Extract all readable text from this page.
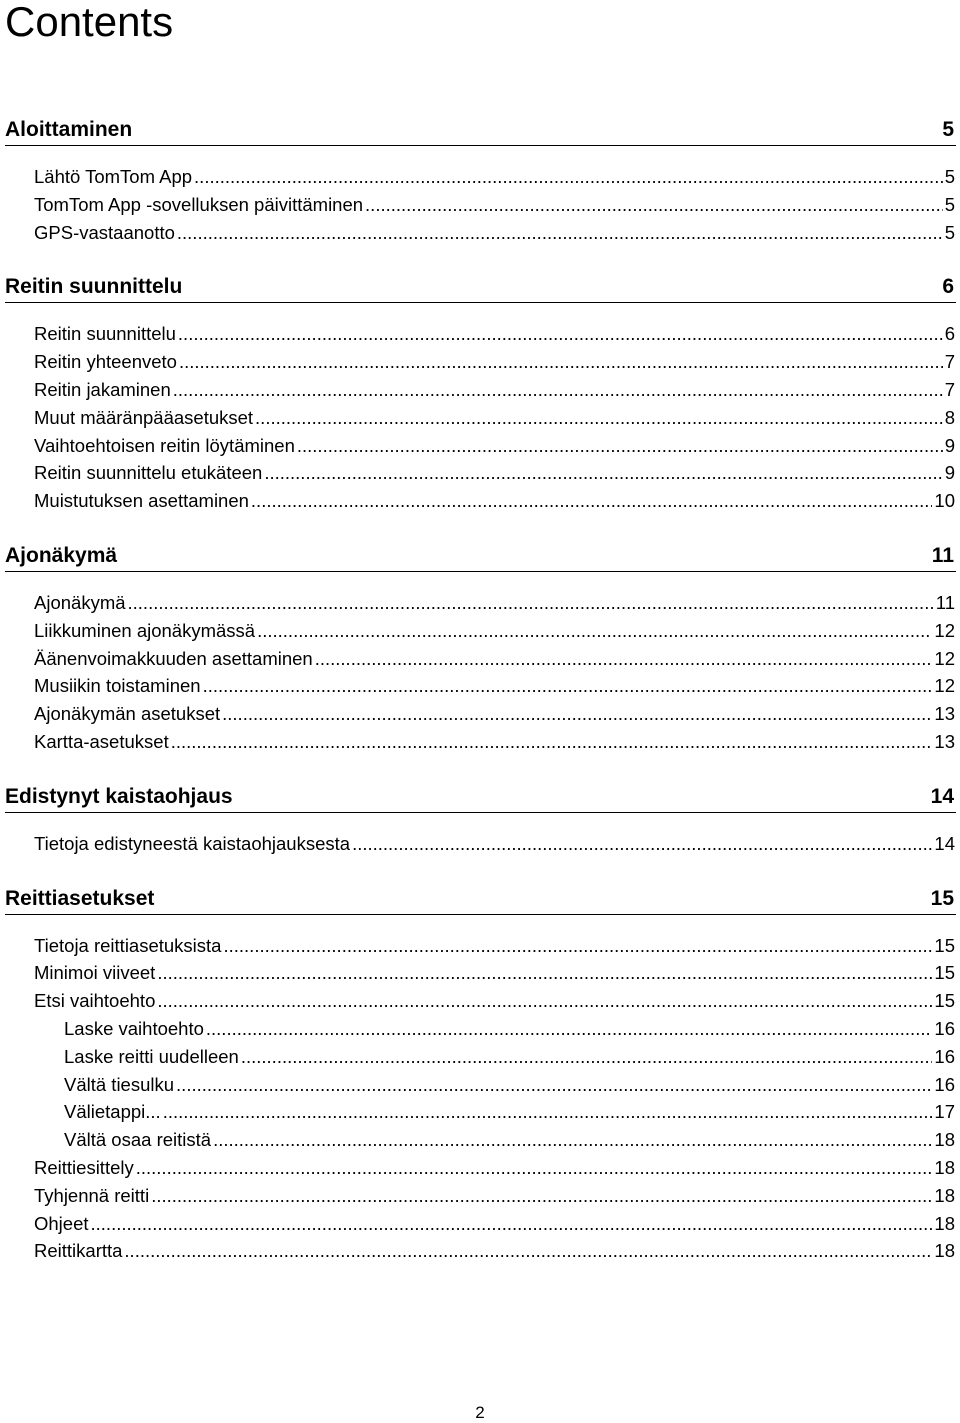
Contents
Aloittaminen	5
Lähtö TomTom App .....	5
TomTom App -sovelluksen päivittäminen .....	5
GPS-vastaanotto .....	5
Reitin suunnittelu	6
Reitin suunnittelu .....	6
Reitin yhteenveto .....	7
Reitin jakaminen .....	7
Muut määränpääasetukset .....	8
Vaihtoehtoisen reitin löytäminen .....	9
Reitin suunnittelu etukäteen .....	9
Muistutuksen asettaminen .....	10
Ajonäkymä	11
Ajonäkymä .....	11
Liikkuminen ajonäkymässä .....	12
Äänenvoimakkuuden asettaminen .....	12
Musiikin toistaminen .....	12
Ajonäkymän asetukset .....	13
Kartta-asetukset .....	13
Edistynyt kaistaohjaus	14
Tietoja edistyneestä kaistaohjauksesta .....	14
Reittiasetukset	15
Tietoja reittiasetuksista .....	15
Minimoi viiveet .....	15
Etsi vaihtoehto .....	15
Laske vaihtoehto .....	16
Laske reitti uudelleen .....	16
Vältä tiesulku .....	16
Välietappi... .....	17
Vältä osaa reitistä .....	18
Reittiesittely .....	18
Tyhjennä reitti .....	18
Ohjeet .....	18
Reittikartta .....	18
2
